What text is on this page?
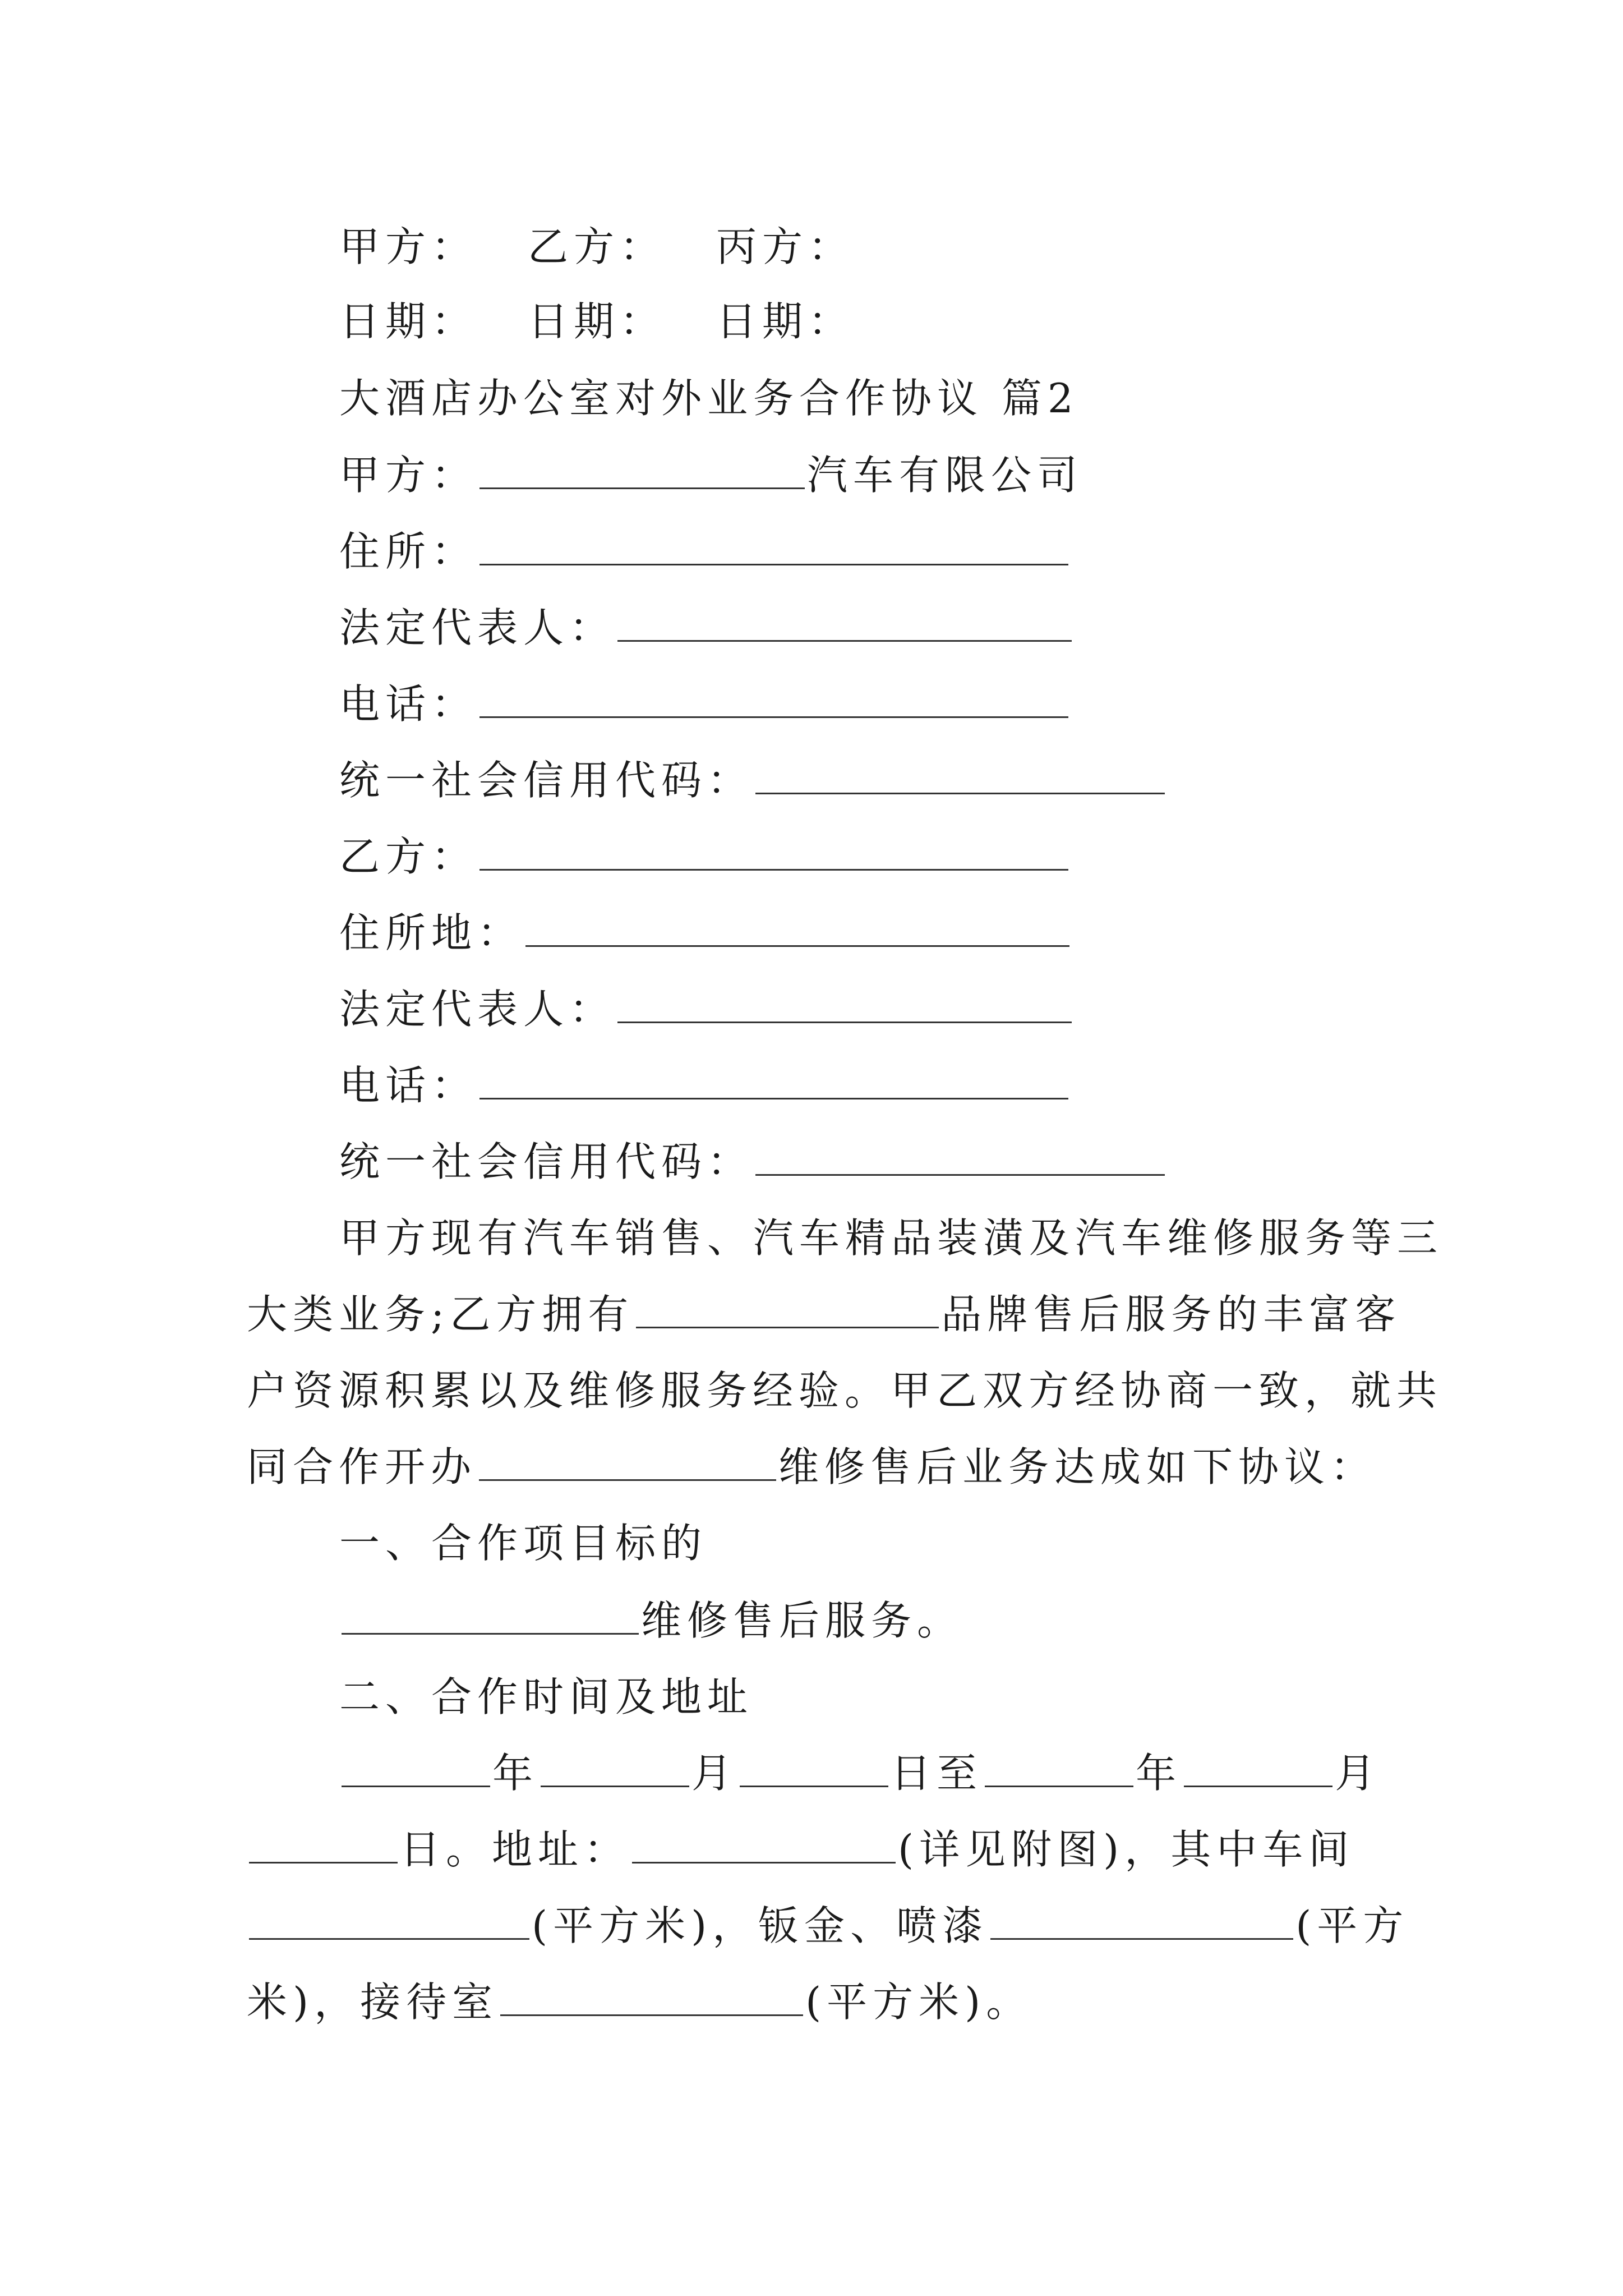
甲方： 乙方： 丙方：
日期： 日期： 日期：
大酒店办公室对外业务合作协议 篇2
甲方：	汽车有限公司
住所：
法定代表人：
电话：
统一社会信用代码：
乙方：
住所地：
法定代表人：
电话：
统一社会信用代码：
甲方现有汽车销售、汽车精品装潢及汽车维修服务等三
大类业务;乙方拥有	品牌售后服务的丰富客
户资源积累以及维修服务经验。甲乙双方经协商一致，就共
同合作开办	维修售后业务达成如下协议：
一、合作项目标的
维修售后服务。
二、合作时间及地址
年	月	日至	年	月
日。地址：	(详见附图)，其中车间
(平方米)，钣金、喷漆	(平方
米)，接待室	(平方米)。
